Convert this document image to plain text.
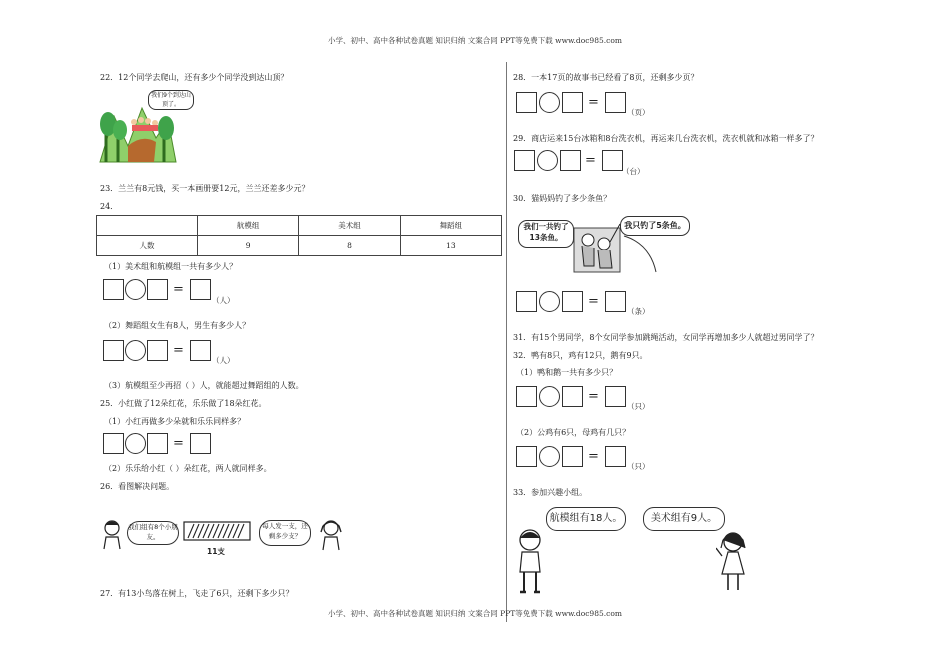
小学、初中、高中各种试卷真题 知识归纳 文案合同 PPT等免费下载 www.doc985.com
22．12个同学去爬山，还有多少个同学没到达山顶？
我们9个到达山顶了。
23．兰兰有8元钱，买一本画册要12元，兰兰还差多少元？
24．
	航模组	美术组	舞蹈组
人数	9	8	13
（1）美术组和航模组一共有多少人？
=
（人）
（2）舞蹈组女生有8人，男生有多少人？
=
（人）
（3）航模组至少再招（ ）人，就能超过舞蹈组的人数。
25．小红做了12朵红花，乐乐做了18朵红花。
（1）小红再做多少朵就和乐乐同样多？
=
（2）乐乐给小红（ ）朵红花，两人就同样多。
26．看图解决问题。
我们组有8个小朋友。
11支
每人发一支，还剩多少支？
27．有13小鸟落在树上，飞走了6只，还剩下多少只？
28．一本17页的故事书已经看了8页，还剩多少页？
=
（页）
29．商店运来15台冰箱和8台洗衣机，再运来几台洗衣机，洗衣机就和冰箱一样多了？
=
（台）
30．猫妈妈钓了多少条鱼？
我们一共钓了13条鱼。
我只钓了5条鱼。
=
（条）
31．有15个男同学，8个女同学参加跳绳活动，女同学再增加多少人就超过男同学了？
32．鸭有8只，鸡有12只，鹅有9只。
（1）鸭和鹅一共有多少只？
=
（只）
（2）公鸡有6只，母鸡有几只？
=
（只）
33．参加兴趣小组。
航模组有18人。	美术组有9人。
小学、初中、高中各种试卷真题 知识归纳 文案合同 PPT等免费下载 www.doc985.com
